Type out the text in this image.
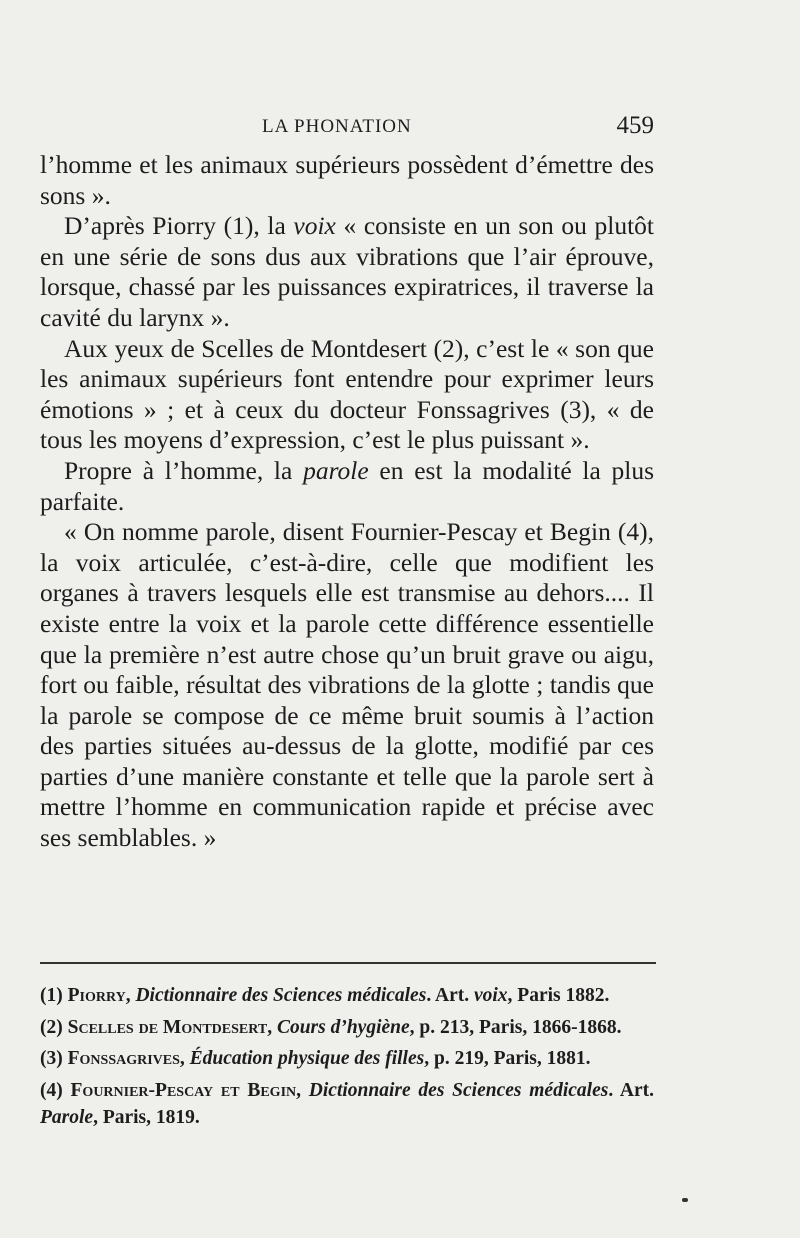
LA PHONATION	459

l’homme et les animaux supérieurs possèdent d’émettre des sons ».

D’après Piorry (1), la voix « consiste en un son ou plutôt en une série de sons dus aux vibrations que l’air éprouve, lorsque, chassé par les puissances expiratrices, il traverse la cavité du larynx ».

Aux yeux de Scelles de Montdesert (2), c’est le « son que les animaux supérieurs font entendre pour exprimer leurs émotions » ; et à ceux du docteur Fonssagrives (3), « de tous les moyens d’expression, c’est le plus puissant ».

Propre à l’homme, la parole en est la modalité la plus parfaite.

« On nomme parole, disent Fournier-Pescay et Begin (4), la voix articulée, c’est-à-dire, celle que modifient les organes à travers lesquels elle est transmise au dehors.... Il existe entre la voix et la parole cette différence essentielle que la première n’est autre chose qu’un bruit grave ou aigu, fort ou faible, résultat des vibrations de la glotte ; tandis que la parole se compose de ce même bruit soumis à l’action des parties situées au-dessus de la glotte, modifié par ces parties d’une manière constante et telle que la parole sert à mettre l’homme en communication rapide et précise avec ses semblables. »

(1) Piorry, Dictionnaire des Sciences médicales. Art. voix, Paris 1882.

(2) Scelles de Montdesert, Cours d’hygiène, p. 213, Paris, 1866-1868.

(3) Fonssagrives, Éducation physique des filles, p. 219, Paris, 1881.

(4) Fournier-Pescay et Begin, Dictionnaire des Sciences médicales. Art. Parole, Paris, 1819.
